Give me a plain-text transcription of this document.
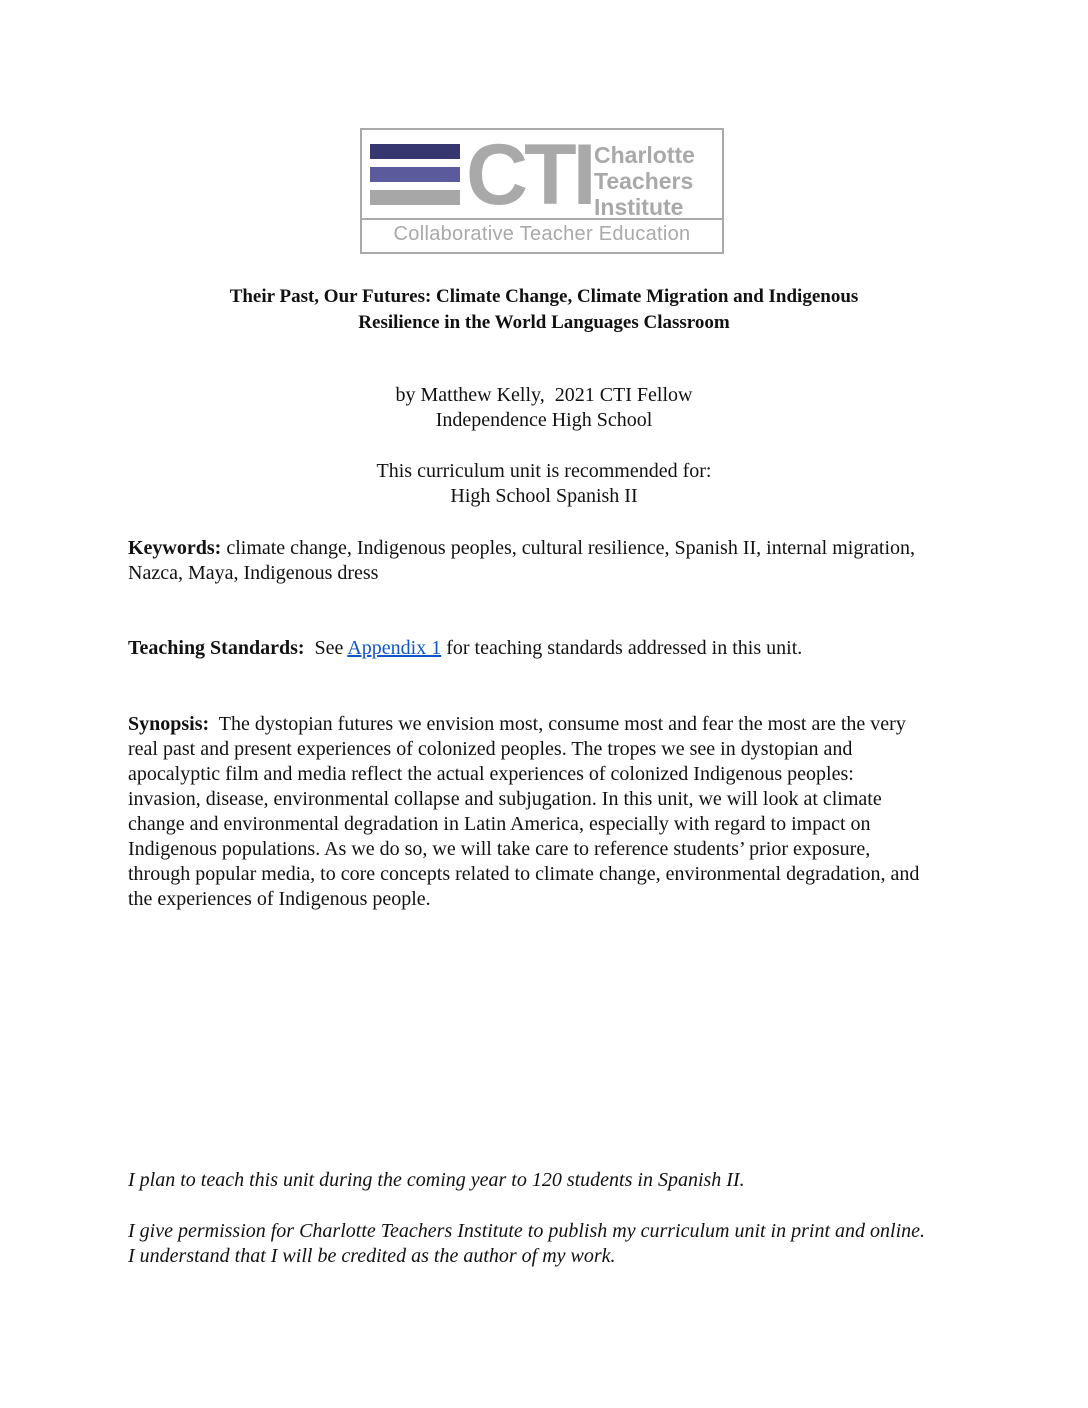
CTI Charlotte
Teachers
Institute
Collaborative Teacher Education
Their Past, Our Futures: Climate Change, Climate Migration and Indigenous
Resilience in the World Languages Classroom
by Matthew Kelly,  2021 CTI Fellow
Independence High School
This curriculum unit is recommended for:
High School Spanish II
Keywords: climate change, Indigenous peoples, cultural resilience, Spanish II, internal migration, Nazca, Maya, Indigenous dress

Teaching Standards:  See Appendix 1 for teaching standards addressed in this unit.

Synopsis:  The dystopian futures we envision most, consume most and fear the most are the very real past and present experiences of colonized peoples. The tropes we see in dystopian and apocalyptic film and media reflect the actual experiences of colonized Indigenous peoples: invasion, disease, environmental collapse and subjugation. In this unit, we will look at climate change and environmental degradation in Latin America, especially with regard to impact on Indigenous populations. As we do so, we will take care to reference students’ prior exposure, through popular media, to core concepts related to climate change, environmental degradation, and the experiences of Indigenous people.
I plan to teach this unit during the coming year to 120 students in Spanish II.
I give permission for Charlotte Teachers Institute to publish my curriculum unit in print and online. I understand that I will be credited as the author of my work.
